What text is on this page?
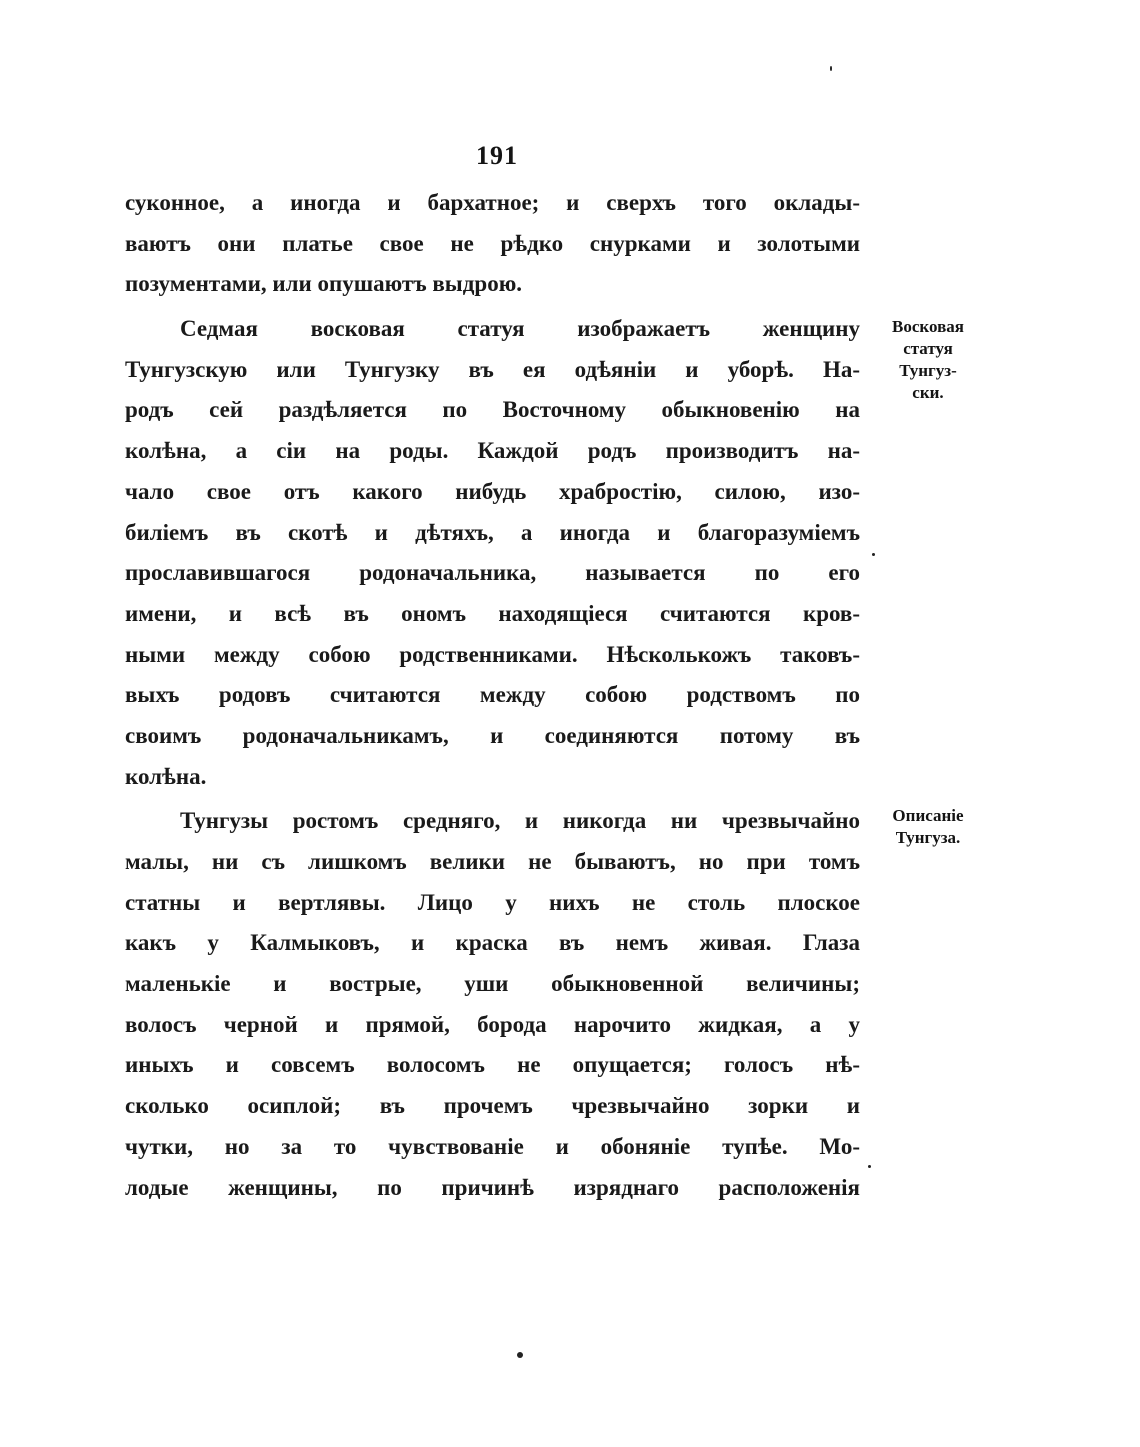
191
суконное, а иногда и бархатное; и сверхъ того оклады-
ваютъ они платье свое не рѣдко снурками и золотыми
позументами, или опушаютъ выдрою.
Седмая восковая статуя изображаетъ женщину
Тунгузскую или Тунгузку въ ея одѣяніи и уборѣ. На-
родъ сей раздѣляется по Восточному обыкновенію на
колѣна, а сіи на роды. Каждой родъ производитъ на-
чало свое отъ какого нибудь храбростію, силою, изо-
биліемъ въ скотѣ и дѣтяхъ, а иногда и благоразуміемъ
прославившагося родоначальника, называется по его
имени, и всѣ въ ономъ находящіеся считаются кров-
ными между собою родственниками. Нѣсколькожъ таковъ-
выхъ родовъ считаются между собою родствомъ по
своимъ родоначальникамъ, и соединяются потому въ
колѣна.
Тунгузы ростомъ средняго, и никогда ни чрезвычайно
малы, ни съ лишкомъ велики не бываютъ, но при томъ
статны и вертлявы. Лицо у нихъ не столь плоское
какъ у Калмыковъ, и краска въ немъ живая. Глаза
маленькіе и вострые, уши обыкновенной величины;
волосъ черной и прямой, борода нарочито жидкая, а у
иныхъ и совсемъ волосомъ не опущается; голосъ нѣ-
сколько осиплой; въ прочемъ чрезвычайно зорки и
чутки, но за то чувствованіе и обоняніе тупѣе. Мо-
лодые женщины, по причинѣ изряднаго расположенія
Восковая
статуя
Тунгуз-
ски.
Описаніе
Тунгуза.
